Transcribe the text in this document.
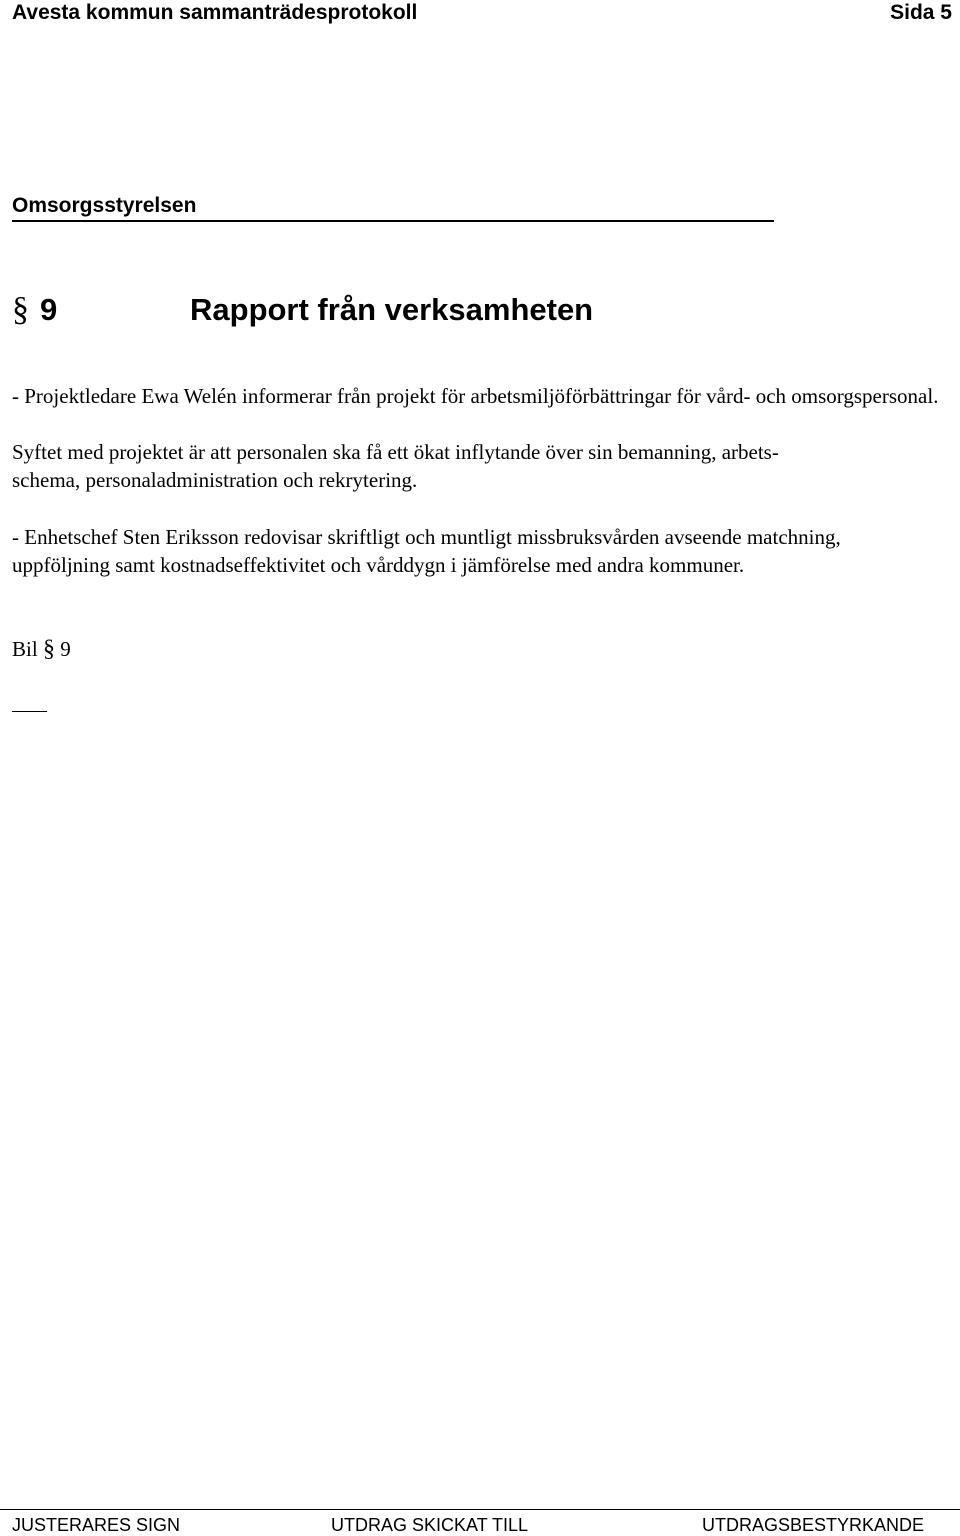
Avesta kommun sammanträdesprotokoll	Sida 5
Omsorgsstyrelsen
§ 9	Rapport från verksamheten

- Projektledare Ewa Welén informerar från projekt för arbetsmiljöförbättringar för vård- och omsorgspersonal.

Syftet med projektet är att personalen ska få ett ökat inflytande över sin bemanning, arbets-
schema, personaladministration och rekrytering.

- Enhetschef Sten Eriksson redovisar skriftligt och muntligt missbruksvården avseende matchning, uppföljning samt kostnadseffektivitet och vårddygn i jämförelse med andra kommuner.

Bil § 9
JUSTERARES SIGN	UTDRAG SKICKAT TILL	UTDRAGSBESTYRKANDE
